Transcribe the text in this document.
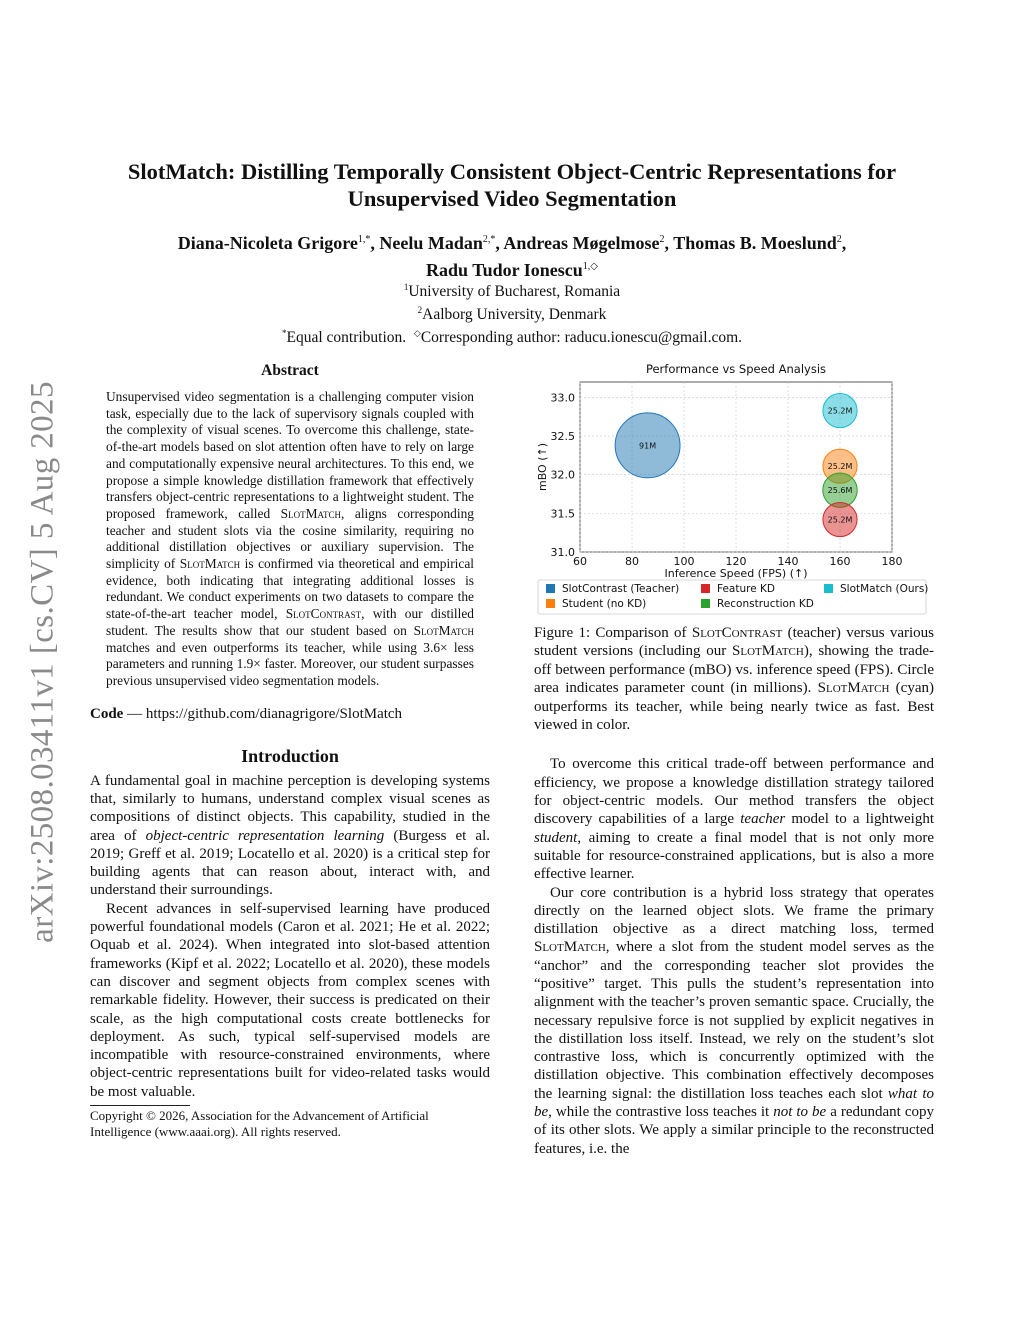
arXiv:2508.03411v1 [cs.CV] 5 Aug 2025
SlotMatch: Distilling Temporally Consistent Object-Centric Representations for
Unsupervised Video Segmentation
Diana-Nicoleta Grigore$^{1,*}$, Neelu Madan$^{2,*}$, Andreas Møgelmose$^2$, Thomas B. Moeslund$^2$,
Radu Tudor Ionescu$^{1,◇}$
$^1$University of Bucharest, Romania
$^2$Aalborg University, Denmark
*Equal contribution. ◇Corresponding author: raducu.ionescu@gmail.com.
Abstract

Unsupervised video segmentation is a challenging computer vision task, especially due to the lack of supervisory signals coupled with the complexity of visual scenes. To overcome this challenge, state-of-the-art models based on slot attention often have to rely on large and computationally expensive neural architectures. To this end, we propose a simple knowledge distillation framework that effectively transfers object-centric representations to a lightweight student. The proposed framework, called SlotMatch, aligns corresponding teacher and student slots via the cosine similarity, requiring no additional distillation objectives or auxiliary supervision. The simplicity of SlotMatch is confirmed via theoretical and empirical evidence, both indicating that integrating additional losses is redundant. We conduct experiments on two datasets to compare the state-of-the-art teacher model, SlotContrast, with our distilled student. The results show that our student based on SlotMatch matches and even outperforms its teacher, while using 3.6× less parameters and running 1.9× faster. Moreover, our student surpasses previous unsupervised video segmentation models.

Code — https://github.com/dianagrigore/SlotMatch
Introduction

A fundamental goal in machine perception is developing systems that, similarly to humans, understand complex visual scenes as compositions of distinct objects. This capability, studied in the area of object-centric representation learning (Burgess et al. 2019; Greff et al. 2019; Locatello et al. 2020) is a critical step for building agents that can reason about, interact with, and understand their surroundings.

Recent advances in self-supervised learning have produced powerful foundational models (Caron et al. 2021; He et al. 2022; Oquab et al. 2024). When integrated into slot-based attention frameworks (Kipf et al. 2022; Locatello et al. 2020), these models can discover and segment objects from complex scenes with remarkable fidelity. However, their success is predicated on their scale, as the high computational costs create bottlenecks for deployment. As such, typical self-supervised models are incompatible with resource-constrained environments, where object-centric representations built for video-related tasks would be most valuable.

Copyright © 2026, Association for the Advancement of Artificial Intelligence (www.aaai.org). All rights reserved.
60	80	100	120	140	160	180
31.0
31.5
32.0
32.5
33.0
Performance vs Speed Analysis
Inference Speed (FPS) (↑)
mBO (↑)	91M
25.2M
25.2M
25.6M
25.2M
SlotContrast (Teacher)	Feature KD	SlotMatch (Ours)
Student (no KD)	Reconstruction KD

Figure 1: Comparison of SlotContrast (teacher) versus various student versions (including our SlotMatch), showing the trade-off between performance (mBO) vs. inference speed (FPS). Circle area indicates parameter count (in millions). SlotMatch (cyan) outperforms its teacher, while being nearly twice as fast. Best viewed in color.

To overcome this critical trade-off between performance and efficiency, we propose a knowledge distillation strategy tailored for object-centric models. Our method transfers the object discovery capabilities of a large teacher model to a lightweight student, aiming to create a final model that is not only more suitable for resource-constrained applications, but is also a more effective learner.

Our core contribution is a hybrid loss strategy that operates directly on the learned object slots. We frame the primary distillation objective as a direct matching loss, termed SlotMatch, where a slot from the student model serves as the “anchor” and the corresponding teacher slot provides the “positive” target. This pulls the student’s representation into alignment with the teacher’s proven semantic space. Crucially, the necessary repulsive force is not supplied by explicit negatives in the distillation loss itself. Instead, we rely on the student’s slot contrastive loss, which is concurrently optimized with the distillation objective. This combination effectively decomposes the learning signal: the distillation loss teaches each slot what to be, while the contrastive loss teaches it not to be a redundant copy of its other slots. We apply a similar principle to the reconstructed features, i.e. the
